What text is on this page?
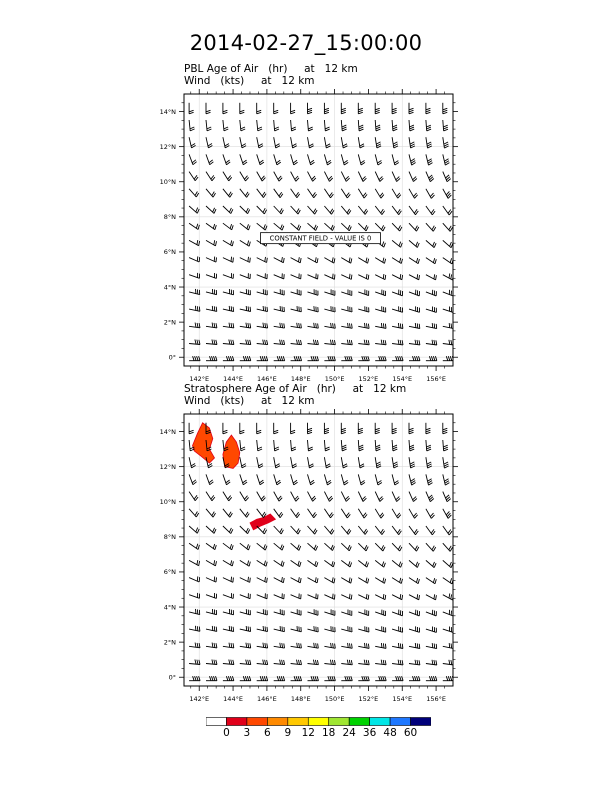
2014-02-27_15:00:00
PBL Age of Air   (hr)     at   12 km
Wind   (kts)     at   12 km
142°E 144°E 146°E 148°E 150°E 152°E 154°E 156°E
0°
2°N
4°N
6°N
8°N
10°N
12°N
14°N
CONSTANT FIELD - VALUE IS 0
Stratosphere Age of Air   (hr)     at   12 km
Wind   (kts)     at   12 km
142°E 144°E 146°E 148°E 150°E 152°E 154°E 156°E
0°
2°N
4°N
6°N
8°N
10°N
12°N
14°N
0 3 6 9 12 18 24 36 48 60
